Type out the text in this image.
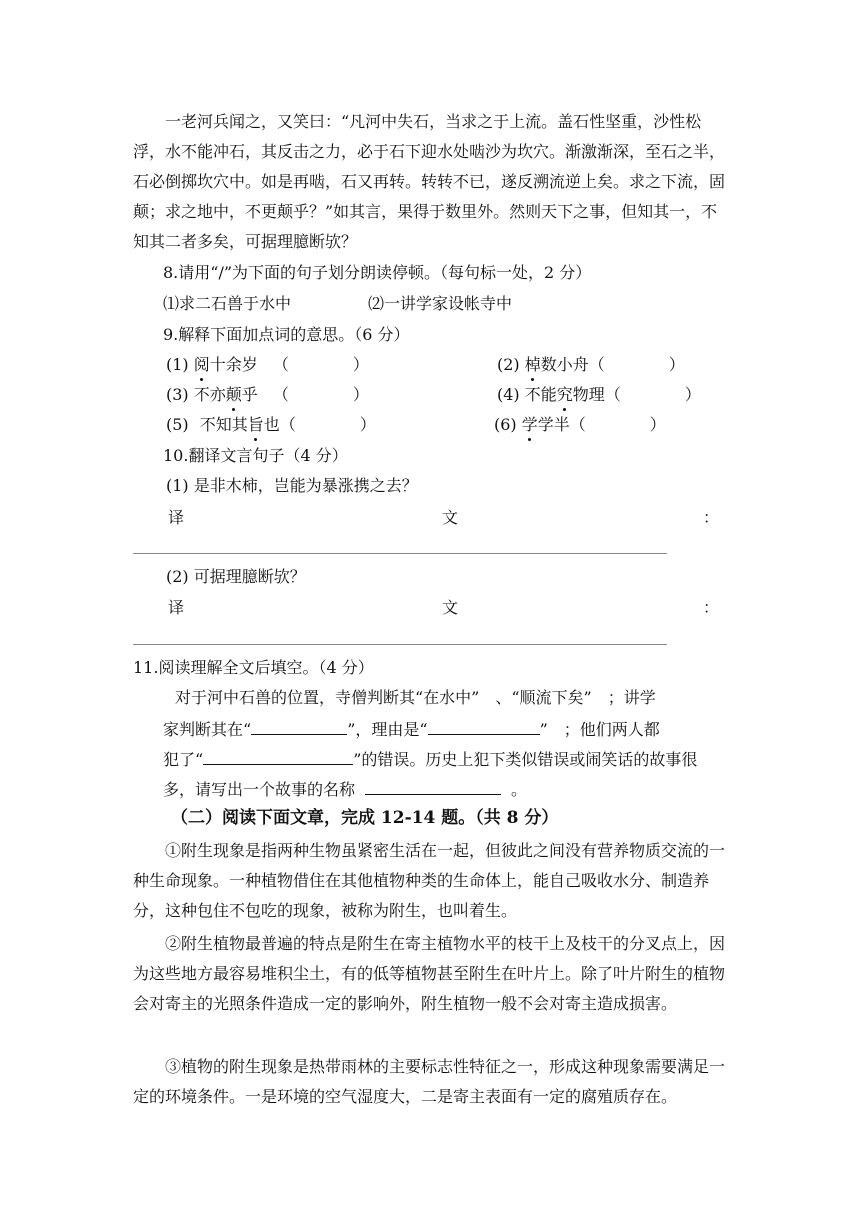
一老河兵闻之，又笑曰：“凡河中失石，当求之于上流。盖石性坚重，沙性松浮，水不能冲石，其反击之力，必于石下迎水处啮沙为坎穴。渐激渐深，至石之半，石必倒掷坎穴中。如是再啮，石又再转。转转不已，遂反溯流逆上矣。求之下流，固颠；求之地中，不更颠乎？”如其言，果得于数里外。然则天下之事，但知其一，不知其二者多矣，可据理臆断欤？

8.请用“/”为下面的句子划分朗读停顿。（每句标一处，2 分）
⑴求二石兽于水中	⑵一讲学家设帐寺中
9.解释下面加点词的意思。（6 分）
(1) 阅十余岁 （　　　　）	(2) 棹数小舟（　　　　）
(3) 不亦颠乎 （　　　　）	(4) 不能究物理（　　　　）
(5) 不知其旨也（　　　　）	(6) 学学半（　　　　）
10.翻译文言句子（4 分）
(1) 是非木柿，岂能为暴涨携之去？
译	文	：
(2) 可据理臆断欤？
译	文	：
11.阅读理解全文后填空。（4 分）
对于河中石兽的位置，寺僧判断其“在水中”　、“顺流下矣”　；讲学
家判断其在“	”，理由是“	”　；他们两人都
犯了“	”的错误。历史上犯下类似错误或闹笑话的故事很
多，请写出一个故事的名称	。
（二）阅读下面文章，完成 12-14 题。（共 8 分）

①附生现象是指两种生物虽紧密生活在一起，但彼此之间没有营养物质交流的一种生命现象。一种植物借住在其他植物种类的生命体上，能自己吸收水分、制造养分，这种包住不包吃的现象，被称为附生，也叫着生。

②附生植物最普遍的特点是附生在寄主植物水平的枝干上及枝干的分叉点上，因为这些地方最容易堆积尘土，有的低等植物甚至附生在叶片上。除了叶片附生的植物会对寄主的光照条件造成一定的影响外，附生植物一般不会对寄主造成损害。

③植物的附生现象是热带雨林的主要标志性特征之一，形成这种现象需要满足一定的环境条件。一是环境的空气湿度大，二是寄主表面有一定的腐殖质存在。
